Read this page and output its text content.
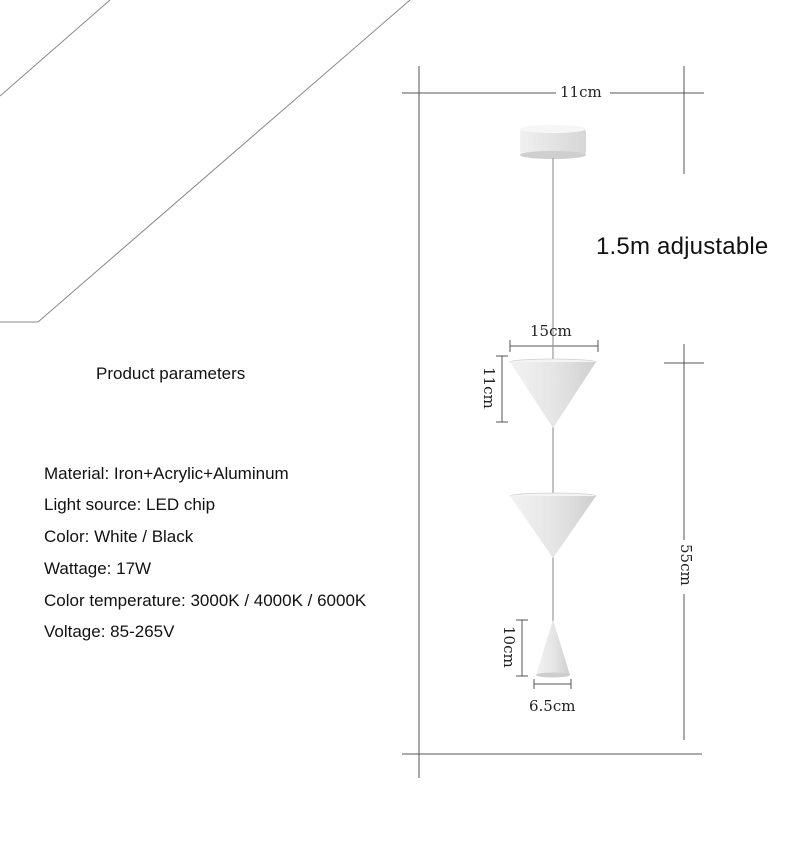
Product parameters
Material: Iron+Acrylic+Aluminum
Light source: LED chip
Color: White / Black
Wattage: 17W
Color temperature: 3000K / 4000K / 6000K
Voltage: 85-265V
1.5m adjustable
11cm
15cm
11cm
55cm
10cm
6.5cm
